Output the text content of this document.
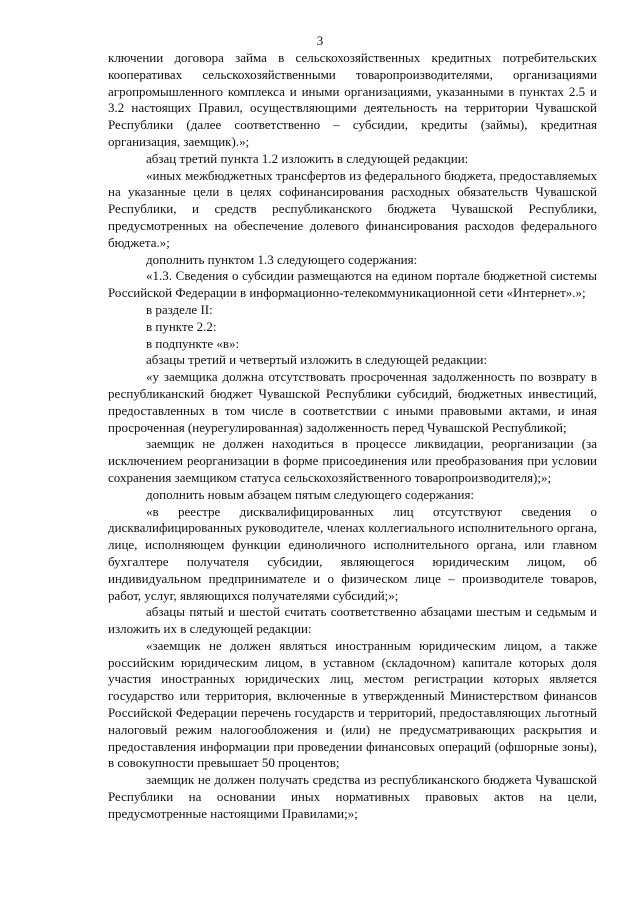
3

ключении договора займа в сельскохозяйственных кредитных потребительских кооперативах сельскохозяйственными товаропроизводителями, организациями агропромышленного комплекса и иными организациями, указанными в пунктах 2.5 и 3.2 настоящих Правил, осуществляющими деятельность на территории Чувашской Республики (далее соответственно – субсидии, кредиты (займы), кредитная организация, заемщик).»;

абзац третий пункта 1.2 изложить в следующей редакции:

«иных межбюджетных трансфертов из федерального бюджета, предоставляемых на указанные цели в целях софинансирования расходных обязательств Чувашской Республики, и средств республиканского бюджета Чувашской Республики, предусмотренных на обеспечение долевого финансирования расходов федерального бюджета.»;

дополнить пунктом 1.3 следующего содержания:

«1.3. Сведения о субсидии размещаются на едином портале бюджетной системы Российской Федерации в информационно-телекоммуникационной сети «Интернет».»;

в разделе II:

в пункте 2.2:

в подпункте «в»:

абзацы третий и четвертый изложить в следующей редакции:

«у заемщика должна отсутствовать просроченная задолженность по возврату в республиканский бюджет Чувашской Республики субсидий, бюджетных инвестиций, предоставленных в том числе в соответствии с иными правовыми актами, и иная просроченная (неурегулированная) задолженность перед Чувашской Республикой;

заемщик не должен находиться в процессе ликвидации, реорганизации (за исключением реорганизации в форме присоединения или преобразования при условии сохранения заемщиком статуса сельскохозяйственного товаропроизводителя);»;

дополнить новым абзацем пятым следующего содержания:

«в реестре дисквалифицированных лиц отсутствуют сведения о дисквалифицированных руководителе, членах коллегиального исполнительного органа, лице, исполняющем функции единоличного исполнительного органа, или главном бухгалтере получателя субсидии, являющегося юридическим лицом, об индивидуальном предпринимателе и о физическом лице – производителе товаров, работ, услуг, являющихся получателями субсидий;»;

абзацы пятый и шестой считать соответственно абзацами шестым и седьмым и изложить их в следующей редакции:

«заемщик не должен являться иностранным юридическим лицом, а также российским юридическим лицом, в уставном (складочном) капитале которых доля участия иностранных юридических лиц, местом регистрации которых является государство или территория, включенные в утвержденный Министерством финансов Российской Федерации перечень государств и территорий, предоставляющих льготный налоговый режим налогообложения и (или) не предусматривающих раскрытия и предоставления информации при проведении финансовых операций (офшорные зоны), в совокупности превышает 50 процентов;

заемщик не должен получать средства из республиканского бюджета Чувашской Республики на основании иных нормативных правовых актов на цели, предусмотренные настоящими Правилами;»;
